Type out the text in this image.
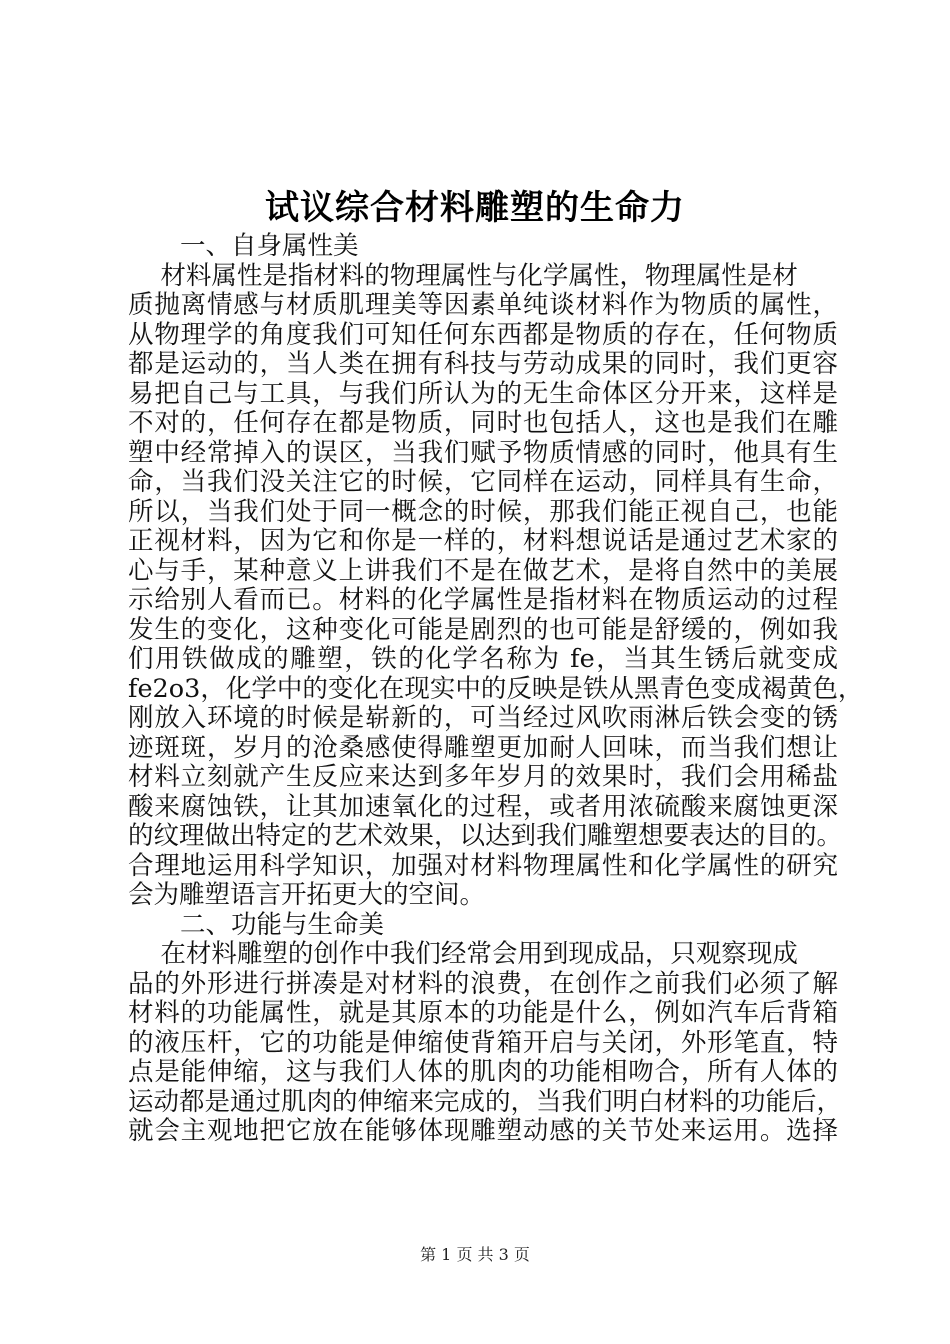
试议综合材料雕塑的生命力
一、自身属性美
材料属性是指材料的物理属性与化学属性，物理属性是材
质抛离情感与材质肌理美等因素单纯谈材料作为物质的属性，
从物理学的角度我们可知任何东西都是物质的存在，任何物质
都是运动的，当人类在拥有科技与劳动成果的同时，我们更容
易把自己与工具，与我们所认为的无生命体区分开来，这样是
不对的，任何存在都是物质，同时也包括人，这也是我们在雕
塑中经常掉入的误区，当我们赋予物质情感的同时，他具有生
命，当我们没关注它的时候，它同样在运动，同样具有生命，
所以，当我们处于同一概念的时候，那我们能正视自己，也能
正视材料，因为它和你是一样的，材料想说话是通过艺术家的
心与手，某种意义上讲我们不是在做艺术，是将自然中的美展
示给别人看而已。材料的化学属性是指材料在物质运动的过程
发生的变化，这种变化可能是剧烈的也可能是舒缓的，例如我
们用铁做成的雕塑，铁的化学名称为 fe，当其生锈后就变成
fe2o3，化学中的变化在现实中的反映是铁从黑青色变成褐黄色，
刚放入环境的时候是崭新的，可当经过风吹雨淋后铁会变的锈
迹斑斑，岁月的沧桑感使得雕塑更加耐人回味，而当我们想让
材料立刻就产生反应来达到多年岁月的效果时，我们会用稀盐
酸来腐蚀铁，让其加速氧化的过程，或者用浓硫酸来腐蚀更深
的纹理做出特定的艺术效果，以达到我们雕塑想要表达的目的。
合理地运用科学知识，加强对材料物理属性和化学属性的研究
会为雕塑语言开拓更大的空间。
二、功能与生命美
在材料雕塑的创作中我们经常会用到现成品，只观察现成
品的外形进行拼凑是对材料的浪费，在创作之前我们必须了解
材料的功能属性，就是其原本的功能是什么，例如汽车后背箱
的液压杆，它的功能是伸缩使背箱开启与关闭，外形笔直，特
点是能伸缩，这与我们人体的肌肉的功能相吻合，所有人体的
运动都是通过肌肉的伸缩来完成的，当我们明白材料的功能后，
就会主观地把它放在能够体现雕塑动感的关节处来运用。选择
第 1 页 共 3 页
